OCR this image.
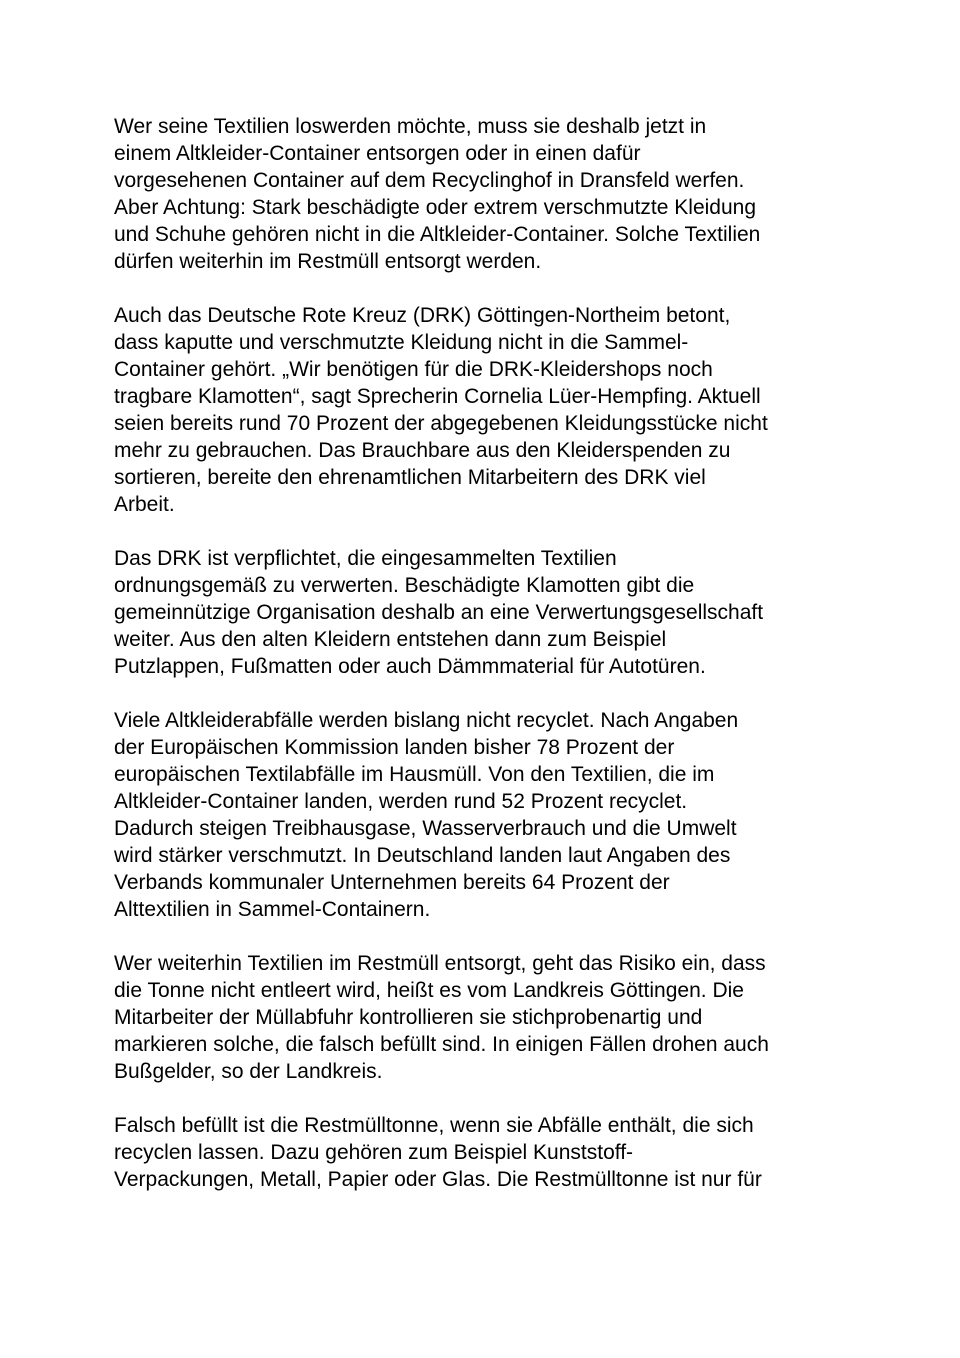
Wer seine Textilien loswerden möchte, muss sie deshalb jetzt in
einem Altkleider-Container entsorgen oder in einen dafür
vorgesehenen Container auf dem Recyclinghof in Dransfeld werfen.
Aber Achtung: Stark beschädigte oder extrem verschmutzte Kleidung
und Schuhe gehören nicht in die Altkleider-Container. Solche Textilien
dürfen weiterhin im Restmüll entsorgt werden.

Auch das Deutsche Rote Kreuz (DRK) Göttingen-Northeim betont,
dass kaputte und verschmutzte Kleidung nicht in die Sammel-
Container gehört. „Wir benötigen für die DRK-Kleidershops noch
tragbare Klamotten“, sagt Sprecherin Cornelia Lüer-Hempfing. Aktuell
seien bereits rund 70 Prozent der abgegebenen Kleidungsstücke nicht
mehr zu gebrauchen. Das Brauchbare aus den Kleiderspenden zu
sortieren, bereite den ehrenamtlichen Mitarbeitern des DRK viel
Arbeit.

Das DRK ist verpflichtet, die eingesammelten Textilien
ordnungsgemäß zu verwerten. Beschädigte Klamotten gibt die
gemeinnützige Organisation deshalb an eine Verwertungsgesellschaft
weiter. Aus den alten Kleidern entstehen dann zum Beispiel
Putzlappen, Fußmatten oder auch Dämmmaterial für Autotüren.

Viele Altkleiderabfälle werden bislang nicht recyclet. Nach Angaben
der Europäischen Kommission landen bisher 78 Prozent der
europäischen Textilabfälle im Hausmüll. Von den Textilien, die im
Altkleider-Container landen, werden rund 52 Prozent recyclet.
Dadurch steigen Treibhausgase, Wasserverbrauch und die Umwelt
wird stärker verschmutzt. In Deutschland landen laut Angaben des
Verbands kommunaler Unternehmen bereits 64 Prozent der
Alttextilien in Sammel-Containern.

Wer weiterhin Textilien im Restmüll entsorgt, geht das Risiko ein, dass
die Tonne nicht entleert wird, heißt es vom Landkreis Göttingen. Die
Mitarbeiter der Müllabfuhr kontrollieren sie stichprobenartig und
markieren solche, die falsch befüllt sind. In einigen Fällen drohen auch
Bußgelder, so der Landkreis.

Falsch befüllt ist die Restmülltonne, wenn sie Abfälle enthält, die sich
recyclen lassen. Dazu gehören zum Beispiel Kunststoff-
Verpackungen, Metall, Papier oder Glas. Die Restmülltonne ist nur für
